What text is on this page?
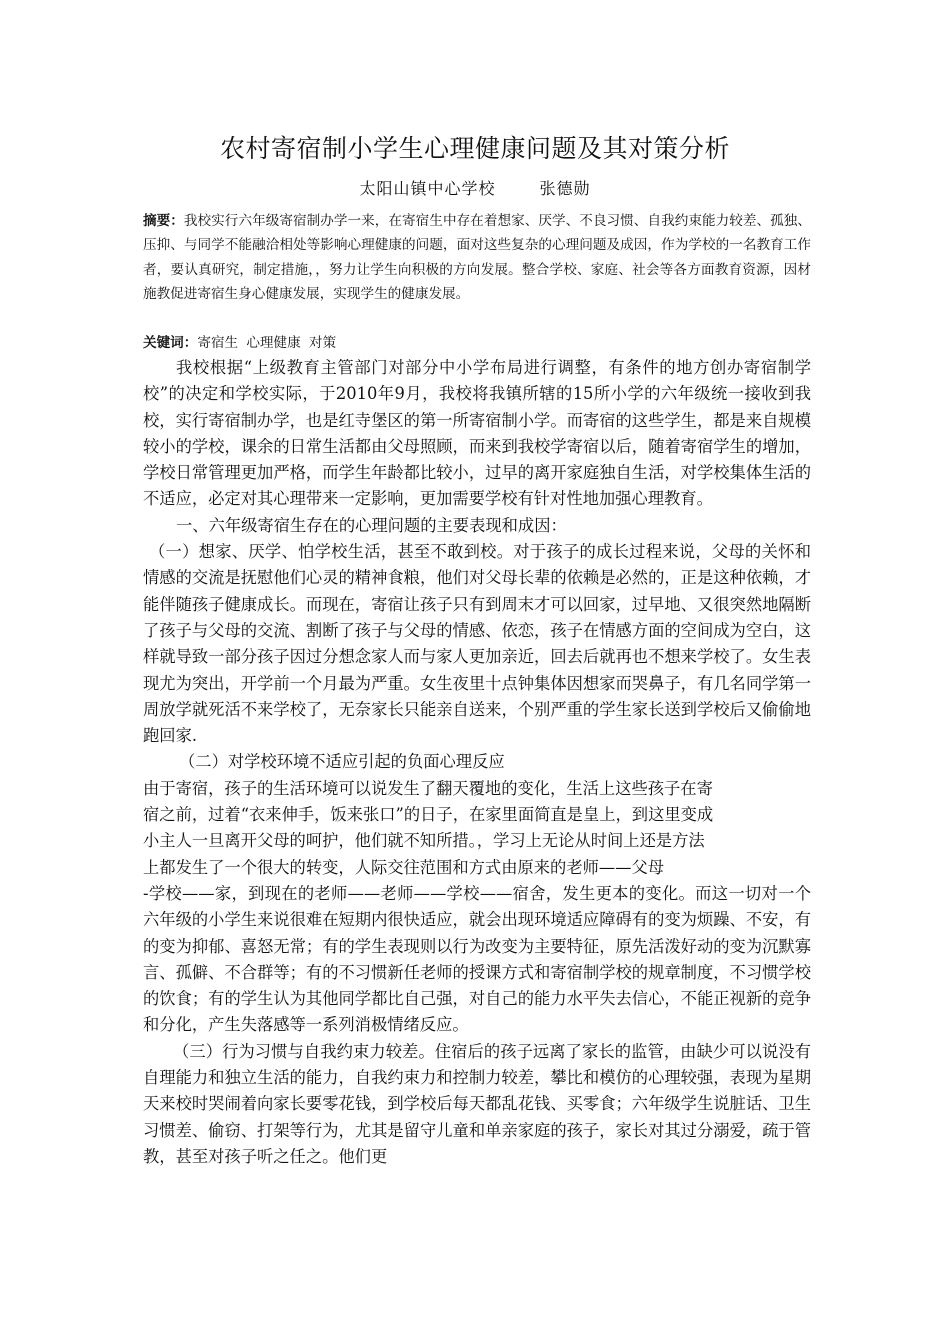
农村寄宿制小学生心理健康问题及其对策分析
太阳山镇中心学校	张德勋
摘要：我校实行六年级寄宿制办学一来，在寄宿生中存在着想家、厌学、不良习惯、自我约束能力较差、孤独、压抑、与同学不能融洽相处等影响心理健康的问题，面对这些复杂的心理问题及成因，作为学校的一名教育工作者，要认真研究，制定措施，，努力让学生向积极的方向发展。整合学校、家庭、社会等各方面教育资源，因材施教促进寄宿生身心健康发展，实现学生的健康发展。
关键词：寄宿生 心理健康 对策

我校根据“上级教育主管部门对部分中小学布局进行调整，有条件的地方创办寄宿制学校”的决定和学校实际，于2010年9月，我校将我镇所辖的15所小学的六年级统一接收到我校，实行寄宿制办学，也是红寺堡区的第一所寄宿制小学。而寄宿的这些学生，都是来自规模较小的学校，课余的日常生活都由父母照顾，而来到我校学寄宿以后，随着寄宿学生的增加，学校日常管理更加严格，而学生年龄都比较小，过早的离开家庭独自生活，对学校集体生活的不适应，必定对其心理带来一定影响，更加需要学校有针对性地加强心理教育。

一、六年级寄宿生存在的心理问题的主要表现和成因：

（一）想家、厌学、怕学校生活，甚至不敢到校。对于孩子的成长过程来说，父母的关怀和情感的交流是抚慰他们心灵的精神食粮，他们对父母长辈的依赖是必然的，正是这种依赖，才能伴随孩子健康成长。而现在，寄宿让孩子只有到周末才可以回家，过早地、又很突然地隔断了孩子与父母的交流、割断了孩子与父母的情感、依恋，孩子在情感方面的空间成为空白，这样就导致一部分孩子因过分想念家人而与家人更加亲近，回去后就再也不想来学校了。女生表现尤为突出，开学前一个月最为严重。女生夜里十点钟集体因想家而哭鼻子，有几名同学第一周放学就死活不来学校了，无奈家长只能亲自送来，个别严重的学生家长送到学校后又偷偷地跑回家.

（二）对学校环境不适应引起的负面心理反应

由于寄宿，孩子的生活环境可以说发生了翻天覆地的变化，生活上这些孩子在寄

宿之前，过着“衣来伸手，饭来张口”的日子，在家里面简直是皇上，到这里变成

小主人一旦离开父母的呵护，他们就不知所措。，学习上无论从时间上还是方法

上都发生了一个很大的转变，人际交往范围和方式由原来的老师——父母

-学校——家，到现在的老师——老师——学校——宿舍，发生更本的变化。而这一切对一个六年级的小学生来说很难在短期内很快适应，就会出现环境适应障碍有的变为烦躁、不安，有的变为抑郁、喜怒无常；有的学生表现则以行为改变为主要特征，原先活泼好动的变为沉默寡言、孤僻、不合群等；有的不习惯新任老师的授课方式和寄宿制学校的规章制度，不习惯学校的饮食；有的学生认为其他同学都比自己强，对自己的能力水平失去信心，不能正视新的竞争和分化，产生失落感等一系列消极情绪反应。

（三）行为习惯与自我约束力较差。住宿后的孩子远离了家长的监管，由缺少可以说没有自理能力和独立生活的能力，自我约束力和控制力较差，攀比和模仿的心理较强，表现为星期天来校时哭闹着向家长要零花钱，到学校后每天都乱花钱、买零食；六年级学生说脏话、卫生习惯差、偷窃、打架等行为，尤其是留守儿童和单亲家庭的孩子，家长对其过分溺爱，疏于管教，甚至对孩子听之任之。他们更
